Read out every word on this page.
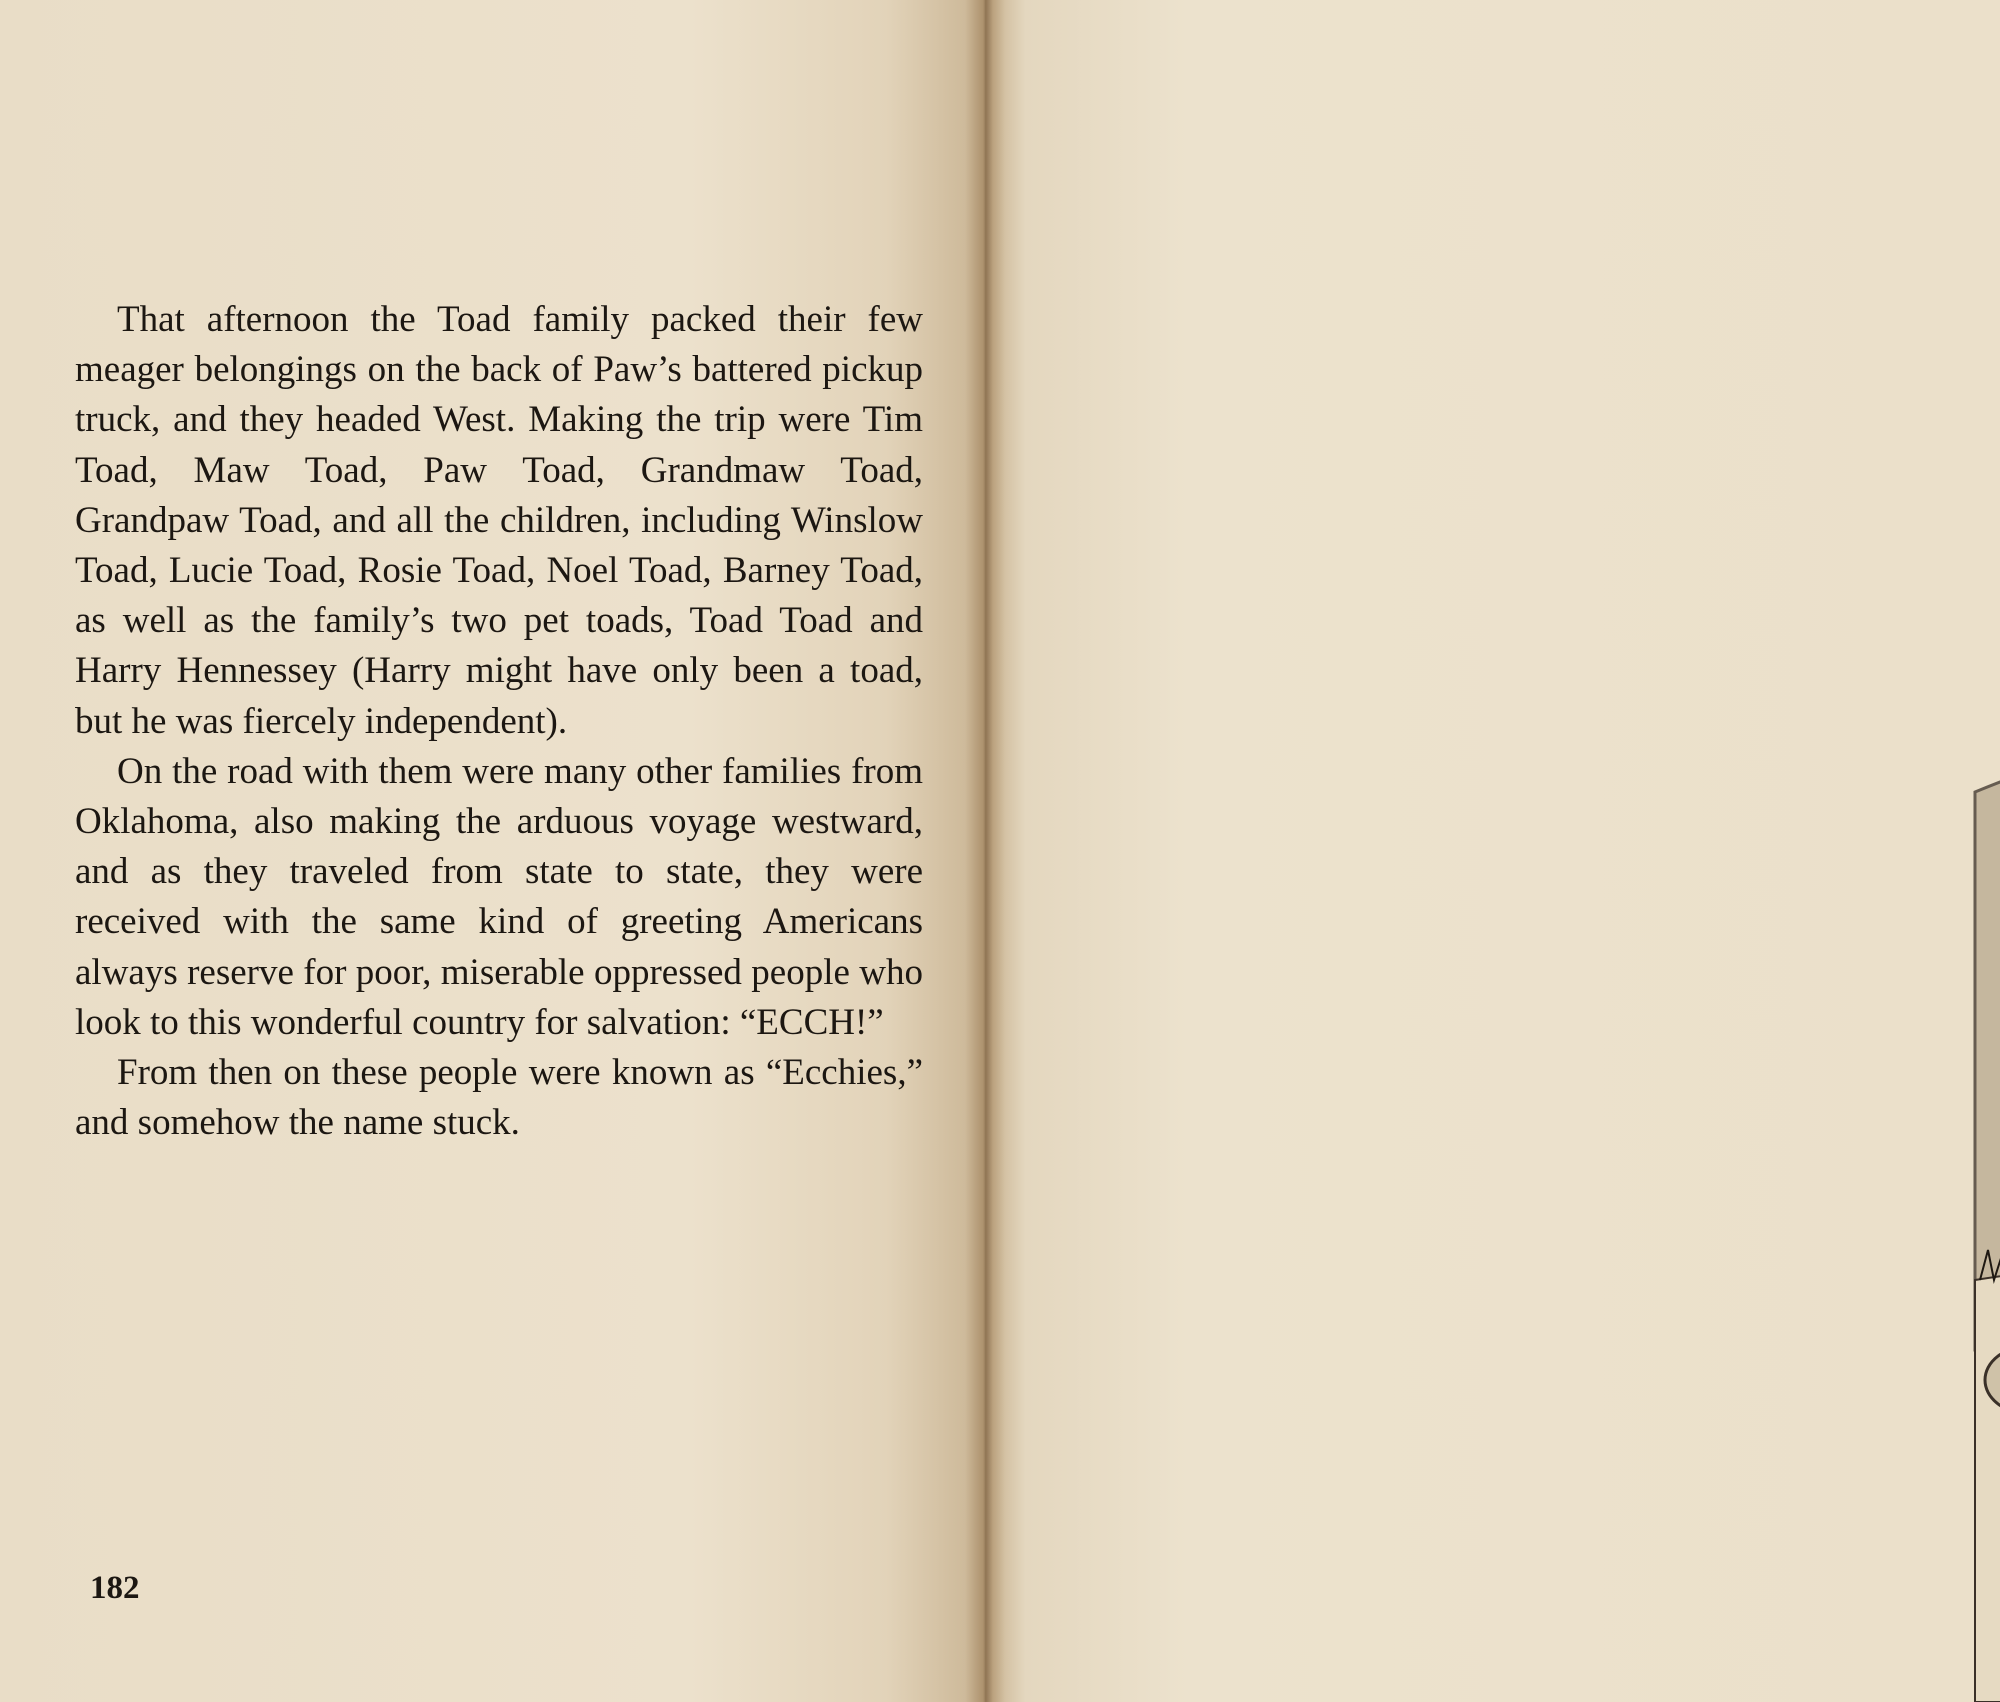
That afternoon the Toad family packed their few meager belongings on the back of Paw’s battered pickup truck, and they headed West. Making the trip were Tim Toad, Maw Toad, Paw Toad, Grandmaw Toad, Grandpaw Toad, and all the children, including Winslow Toad, Lucie Toad, Rosie Toad, Noel Toad, Barney Toad, as well as the family’s two pet toads, Toad Toad and Harry Hennessey (Harry might have only been a toad, but he was fiercely independent).

On the road with them were many other families from Oklahoma, also making the arduous voyage westward, and as they traveled from state to state, they were received with the same kind of greeting Americans always reserve for poor, miserable oppressed people who look to this wonderful country for salvation: “ECCH!”

From then on these people were known as “Ecchies,” and somehow the name stuck.

182
